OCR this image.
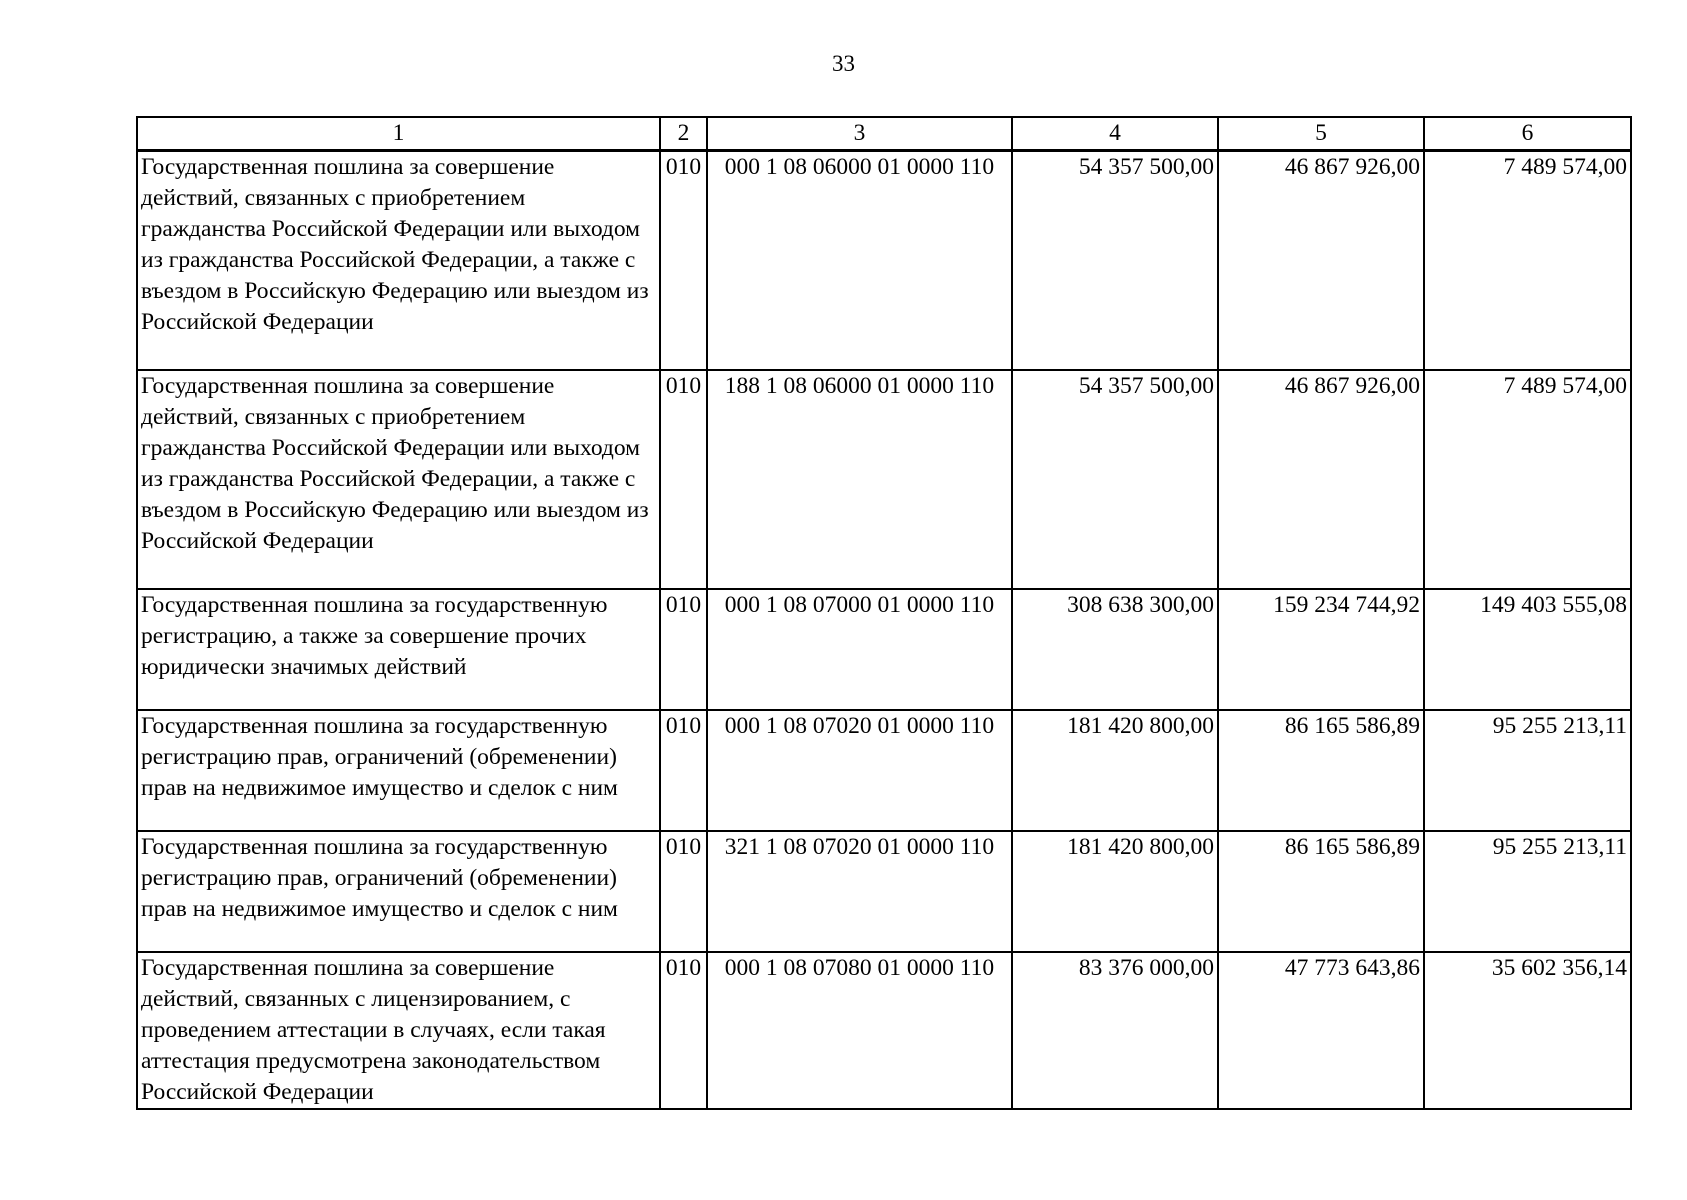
33
1	2	3	4	5	6
Государственная пошлина за совершение действий, связанных с приобретением гражданства Российской Федерации или выходом из гражданства Российской Федерации, а также с въездом в Российскую Федерацию или выездом из Российской Федерации	010	000 1 08 06000 01 0000 110	54 357 500,00	46 867 926,00	7 489 574,00
Государственная пошлина за совершение действий, связанных с приобретением гражданства Российской Федерации или выходом из гражданства Российской Федерации, а также с въездом в Российскую Федерацию или выездом из Российской Федерации	010	188 1 08 06000 01 0000 110	54 357 500,00	46 867 926,00	7 489 574,00
Государственная пошлина за государственную регистрацию, а также за совершение прочих юридически значимых действий	010	000 1 08 07000 01 0000 110	308 638 300,00	159 234 744,92	149 403 555,08
Государственная пошлина за государственную регистрацию прав, ограничений (обременении) прав на недвижимое имущество и сделок с ним	010	000 1 08 07020 01 0000 110	181 420 800,00	86 165 586,89	95 255 213,11
Государственная пошлина за государственную регистрацию прав, ограничений (обременении) прав на недвижимое имущество и сделок с ним	010	321 1 08 07020 01 0000 110	181 420 800,00	86 165 586,89	95 255 213,11
Государственная пошлина за совершение действий, связанных с лицензированием, с проведением аттестации в случаях, если такая аттестация предусмотрена законодательством Российской Федерации	010	000 1 08 07080 01 0000 110	83 376 000,00	47 773 643,86	35 602 356,14
